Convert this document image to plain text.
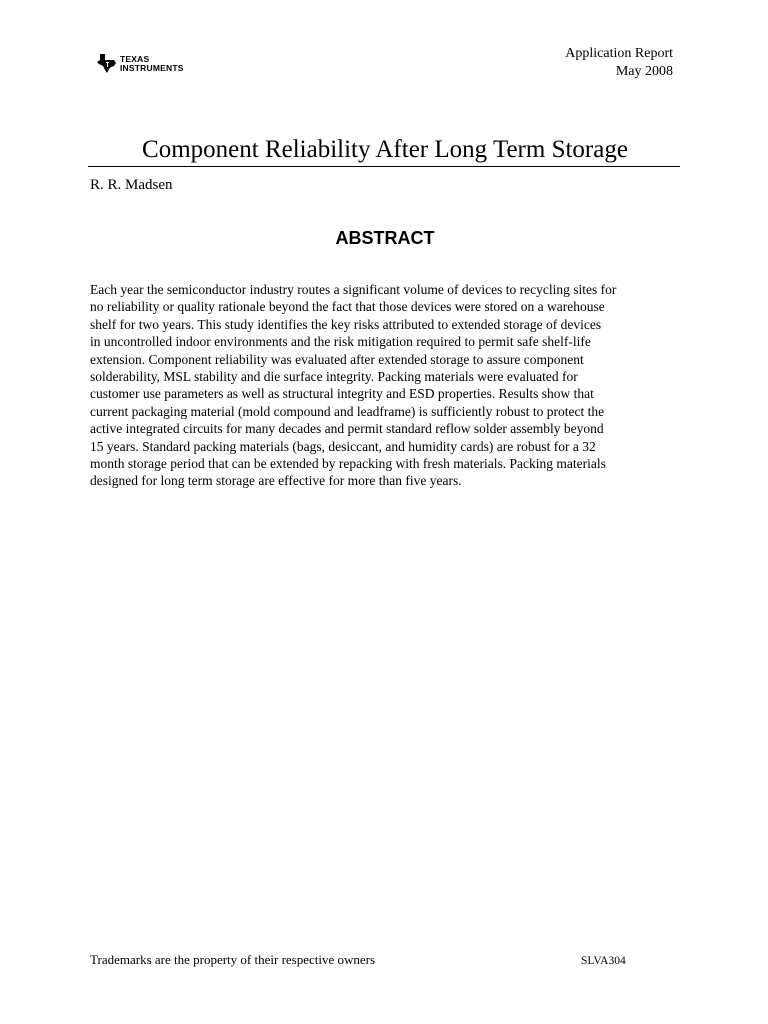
TEXAS
INSTRUMENTS
Application Report
May 2008
Component Reliability After Long Term Storage
R. R. Madsen
ABSTRACT

Each year the semiconductor industry routes a significant volume of devices to recycling sites for
no reliability or quality rationale beyond the fact that those devices were stored on a warehouse
shelf for two years. This study identifies the key risks attributed to extended storage of devices
in uncontrolled indoor environments and the risk mitigation required to permit safe shelf-life
extension. Component reliability was evaluated after extended storage to assure component
solderability, MSL stability and die surface integrity. Packing materials were evaluated for
customer use parameters as well as structural integrity and ESD properties. Results show that
current packaging material (mold compound and leadframe) is sufficiently robust to protect the
active integrated circuits for many decades and permit standard reflow solder assembly beyond
15 years. Standard packing materials (bags, desiccant, and humidity cards) are robust for a 32
month storage period that can be extended by repacking with fresh materials. Packing materials
designed for long term storage are effective for more than five years.

Trademarks are the property of their respective owners	SLVA304
